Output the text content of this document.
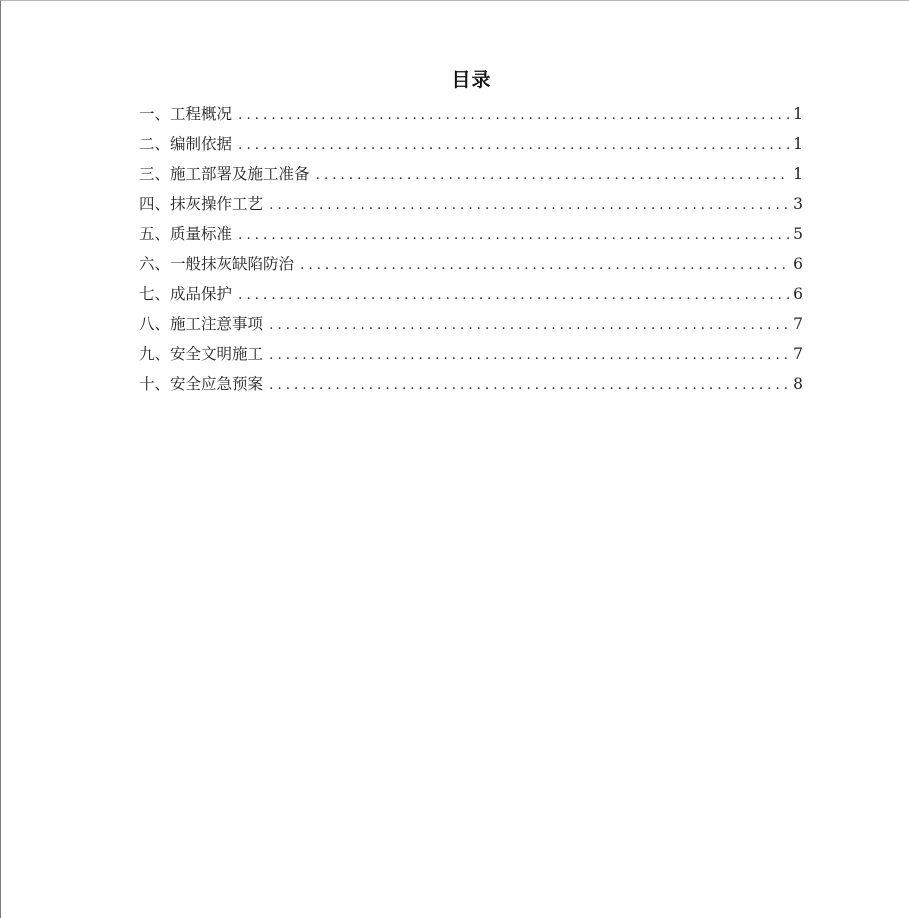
目录
一、工程概况 . . .	1
二、编制依据 . . .	1
三、施工部署及施工准备 . . .	1
四、抹灰操作工艺 . . .	3
五、质量标准 . . .	5
六、一般抹灰缺陷防治 . . .	6
七、成品保护 . . .	6
八、施工注意事项 . . .	7
九、安全文明施工 . . .	7
十、安全应急预案 . . .	8
